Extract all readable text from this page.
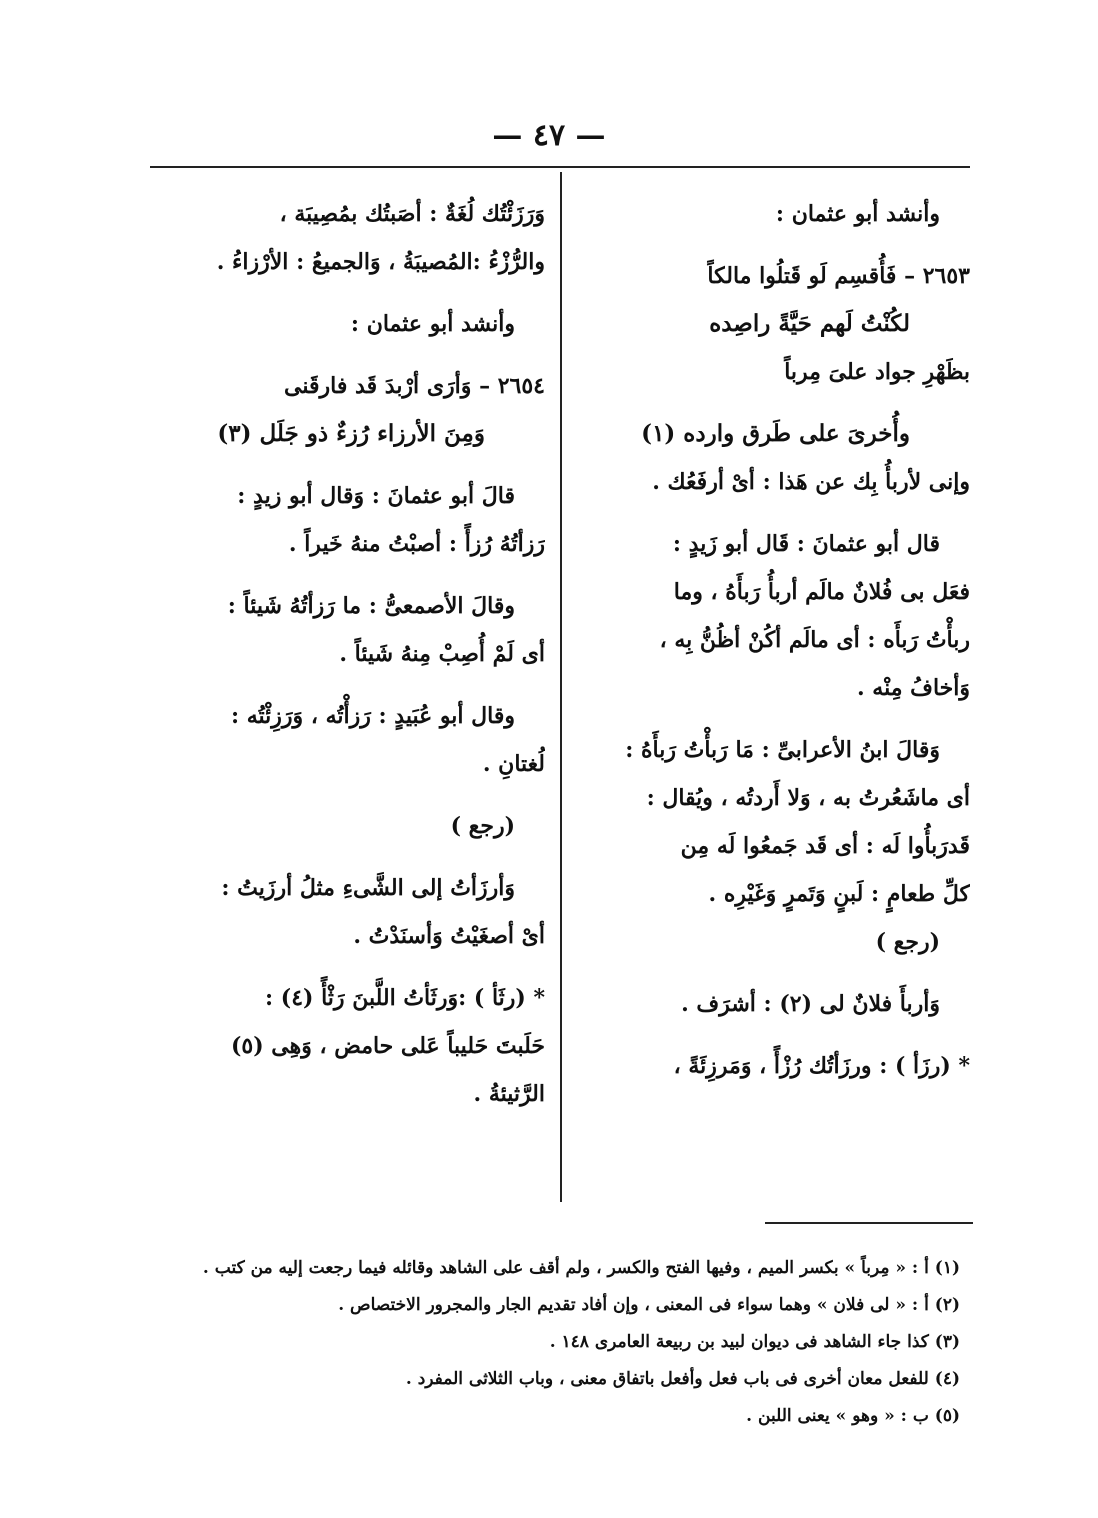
— ٤٧ —
وأنشد أبو عثمان :
٢٦٥٣ – فَأُقسِم لَو قَتلُوا مالكاً
لكُنْتُ لَهم حَيَّةً راصِده
بظَهْرِ جواد علىَ مِرباً
وأُخرىَ على طَرق وارده (١)
وإنى لأربأُ بِك عن هَذا : أىْ أرفَعُك .
قال أبو عثمانَ : قَال أبو زَيدٍ :
فعَل بى فُلانٌ مالَم أربأُ رَبأَهُ ، وما
ربأْتُ رَبأَه : أى مالَم أكُنْ أظُنُّ بِه ،
وَأخافُ مِنْه .
وَقالَ ابنُ الأعرابىِّ : مَا رَبأْتُ رَبأَهُ :
أى ماشَعُرتُ به ، وَلا أَردتُه ، ويُقال :
قَدرَبأُوا لَه : أى قَد جَمعُوا لَه مِن
كلِّ طعامٍ : لَبنٍ وَتَمرٍ وَغَيْرِه .
(رجع )
وَأربأَ فلانٌ لى (٢) : أشرَف .
* (رزَأ ) : ورزَأتُك رُزْأً ، وَمَرزِئَةً ،
وَرَزَئْتُك لُغَةٌ : أصَبتُك بمُصِيبَة ،
والرُّزْءُ :المُصيبَةُ ، وَالجميعُ : الأرْزاءُ .
وأنشد أبو عثمان :
٢٦٥٤ – وَأرَى أرْبدَ قَد فارقَنى
وَمِنَ الأرزاء رُزءٌ ذو جَلَل (٣)
قالَ أبو عثمانَ : وَقال أبو زيدٍ :
رَزأتُهُ رُزأً : أصبْتُ منهُ خَيراً .
وقالَ الأصمعىُّ : ما رَزأتُهُ شَيئاً :
أى لَمْ أُصِبْ مِنهُ شَيئاً .
وقال أبو عُبَيدٍ : رَزأْتُه ، وَرَزِئْتُه :
لُغتانِ .
(رجع )
وَأرزَأتُ إلى الشَّىءِ مثلُ أرزَيتُ :
أىْ أصغَيْتُ وَأسنَدْتُ .
* (رثَأ ) :وَرثَأتُ اللَّبنَ رَثْأً (٤) :
حَلَبتَ حَليباً عَلى حامض ، وَهِى (٥)
الرَّثيئةُ .
(١) أ : « مِرباً » بكسر الميم ، وفيها الفتح والكسر ، ولم أقف على الشاهد وقائله فيما رجعت إليه من كتب .
(٢) أ : « لى فلان » وهما سواء فى المعنى ، وإن أفاد تقديم الجار والمجرور الاختصاص .
(٣) كذا جاء الشاهد فى ديوان لبيد بن ربيعة العامرى ١٤٨ .
(٤) للفعل معان أخرى فى باب فعل وأفعل باتفاق معنى ، وباب الثلاثى المفرد .
(٥) ب : « وهو » يعنى اللبن .
